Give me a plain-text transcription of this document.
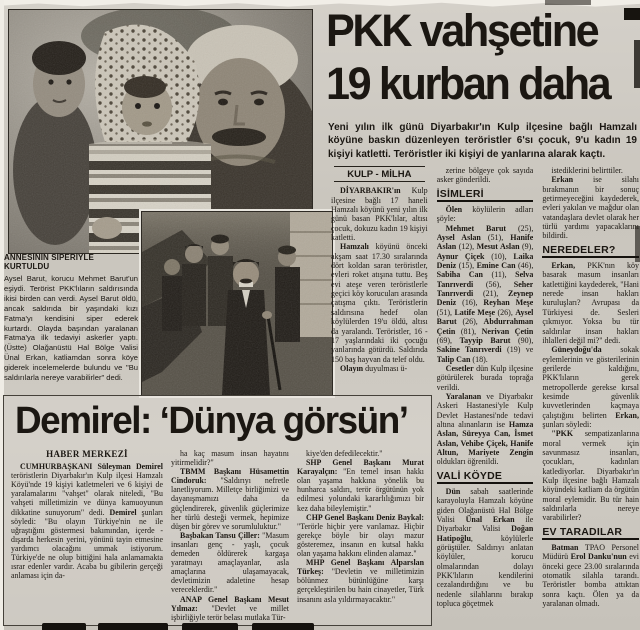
ANNESİNİN SİPERİYLE KURTULDU

Aysel Barut, korucu Mehmet Barut'un eşiydi. Terörist PKK'lıların saldırısında ikisi birden can verdi. Aysel Barut öldü, ancak saldırıda bir yaşındaki kızı Fatma'yı kendisini siper ederek kurtardı. Olayda başından yaralanan Fatma'ya ilk tedaviyi askerler yaptı. (Üstte) Olağanüstü Hal Bölge Valisi Ünal Erkan, katliamdan sonra köye giderek incelemelerde bulundu ve "Bu saldırılarla nereye varabilirler" dedi.

PKK vahşetine
19 kurban daha
Yeni yılın ilk günü Diyarbakır'ın Kulp ilçesine bağlı Hamzalı köyüne baskın düzenleyen teröristler 6'sı çocuk, 9'u kadın 19 kişiyi katletti. Teröristler iki kişiyi de yanlarına alarak kaçtı.
KULP - MİLHA

DİYARBAKIR'ın Kulp ilçesine bağlı 17 haneli Hamzalı köyünü yeni yılın ilk günü basan PKK'lılar, altısı çocuk, dokuzu kadın 19 kişiyi katletti.

Hamzalı köyünü önceki akşam saat 17.30 sıralarında dört koldan saran teröristler, evleri roket atışına tuttu. Beş evi ateşe veren teröristlerle geçici köy korucuları arasında çatışma çıktı. Teröristlerin saldırısına hedef olan köylülerden 19'u öldü, altısı da yaralandı. Teröristler, 16 - 17 yaşlarındaki iki çocuğu yanlarında götürdü. Saldırıda 150 baş hayvan da telef oldu.

Olayın duyulması ü-

zerine bölgeye çok sayıda asker gönderildi.

İSİMLERİ

Ölen köylülerin adları şöyle:

Mehmet Barut (25), Aysel Aslan (51), Hanife Aslan (12), Mesut Aslan (9), Aynur Çiçek (10), Laika Deniz (15), Emine Can (46), Sabiha Can (11), Selva Tanrıverdi (56), Seher Tanrıverdi (21), Zeynep Deniz (16), Reyhan Meşe (51), Latife Meşe (26), Aysel Barut (26), Abdurrahman Çetin (81), Nerivan Çetin (69), Tayyip Barut (90), Sakine Tanrıverdi (19) ve Talip Can (18).

Cesetler dün Kulp ilçesine götürülerek burada toprağa verildi.

Yaralanan ve Diyarbakır Askeri Hastanesi'yle Kulp Devlet Hastanesi'nde tedavi altına alınanların ise Hamza Aslan, Süreyya Can, İsmet Aslan, Vehibe Çiçek, Hanife Altun, Mariyete Zengin oldukları öğrenildi.

VALİ KÖYDE

Dün sabah saatlerinde karayoluyla Hamzalı köyüne giden Olağanüstü Hal Bölge Valisi Ünal Erkan ile Diyarbakır Valisi Doğan Hatipoğlu, köylülerle görüştüler. Saldırıyı anlatan köylüler, korucu olmalarından dolayı PKK'lıların kendilerini cezalandırdığını ve bu nedenle silahlarını bırakıp topluca göçetmek

istediklerini belirttiler.

Erkan ise silahı bırakmanın bir sonuç getirmeyeceğini kaydederek, evleri yakılan ve mağdur olan vatandaşlara devlet olarak her türlü yardımı yapacaklarını bildirdi.

NEREDELER?

Erkan, PKK'nın köy basarak masum insanları katlettiğini kaydederek, "Hani nerede insan hakları kuruluşları? Avrupası da Türkiyesi de. Sesleri çıkmıyor. Yoksa bu tür saldırılar insan hakları ihlalleri değil mi?" dedi.

Güneydoğu'da sokak eylemlerinin ve gösterilerinin gerilerde kaldığını, PKK'lıların gerek metropollerde gerekse kırsal kesimde güvenlik kuvvetlerinden kaçmaya çalıştığını belirten Erkan, şunları söyledi:

"PKK sempatizanlarına moral vermek için savunmasız insanları, çocukları, kadınları katlediyorlar. Diyarbakır'ın Kulp ilçesine bağlı Hamzalı köyündeki katliam da örgütün moral eylemidir. Bu tür hain saldırılarla nereye varabilirler?

EV TARADILAR

Batman TPAO Personel Müdürü Erol Danku'nun evi önceki gece 23.00 sıralarında otomatik silahla tarandı. Teröristler bomba attıktan sonra kaçtı. Ölen ya da yaralanan olmadı.

Demirel: ‘Dünya görsün’
HABER MERKEZİ

CUMHURBAŞKANI Süleyman Demirel teröristlerin Diyarbakır'ın Kulp ilçesi Hamzalı Köyü'nde 19 kişiyi katletmeleri ve 6 kişiyi de yaralamalarını "vahşet" olarak niteledi, "Bu vahşeti milletimizin ve dünya kamuoyunun dikkatine sunuyorum" dedi. Demirel şunları söyledi: "Bu olayın Türkiye'nin ne ile uğraştığını göstermesi bakımından, içerde - dışarda herkesin yerini, yönünü tayin etmesine yardımcı olacağını ummak istiyorum. Türkiye'de ne olup bittiğini hala anlamamakta ısrar edenler vardır. Acaba bu gibilerin gerçeği anlaması için da-

ha kaç masum insan hayatını yitirmelidir?"

TBMM Başkanı Hüsamettin Cindoruk: "Saldırıyı nefretle lanetliyorum. Milletçe birliğimizi ve dayanışmamızı daha da güçlendirerek, güvenlik güçlerimize her türlü desteği vermek, hepimize düşen bir görev ve sorumluluktur."

Başbakan Tansu Çiller: "Masum insanları genç - yaşlı, çocuk demeden öldürerek kargaşa yaratmayı amaçlayanlar, asla amaçlarına ulaşamayacak, devletimizin adaletine hesap vereceklerdir."

ANAP Genel Başkanı Mesut Yılmaz: "Devlet ve millet işbirliğiyle terör belası mutlaka Tür-

kiye'den defedilecektir."

SHP Genel Başkanı Murat Karayalçın: "En temel insan hakkı olan yaşama hakkına yönelik bu hunharca saldırı, terör örgütünün yok edilmesi yolundaki kararlılığımızı bir kez daha bileylemiştir."

CHP Genel Başkanı Deniz Baykal: "Terörle hiçbir yere varılamaz. Hiçbir gerekçe böyle bir olayı mazur gösteremez, insanın en kutsal hakkı olan yaşama hakkını elinden alamaz."

MHP Genel Başkanı Alparslan Türkeş: "Devletin ve milletimizin bölünmez bütünlüğüne karşı gerçekleştirilen bu hain cinayetler, Türk insanını asla yıldırmayacaktır."
